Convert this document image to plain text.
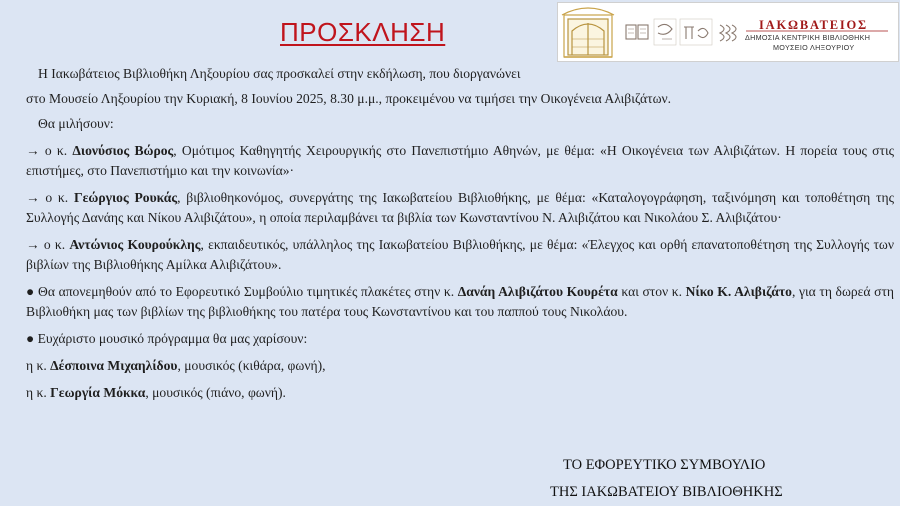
ΠΡΟΣΚΛΗΣΗ	ΙΑΚΩΒΑΤΕΙΟΣ
ΔΗΜΟΣΙΑ ΚΕΝΤΡΙΚΗ ΒΙΒΛΙΟΘΗΚΗ
ΜΟΥΣΕΙΟ ΛΗΞΟΥΡΙΟΥ

Η Ιακωβάτειος Βιβλιοθήκη Ληξουρίου σας προσκαλεί στην εκδήλωση, που διοργανώνει

στο Μουσείο Ληξουρίου την Κυριακή, 8 Ιουνίου 2025, 8.30 μ.μ., προκειμένου να τιμήσει την Οικογένεια Αλιβιζάτων.

Θα μιλήσουν:

→ ο κ. Διονύσιος Βώρος, Ομότιμος Καθηγητής Χειρουργικής στο Πανεπιστήμιο Αθηνών, με θέμα: «Η Οικογένεια των Αλιβιζάτων. Η πορεία τους στις επιστήμες, στο Πανεπιστήμιο και την κοινωνία»·

→ ο κ. Γεώργιος Ρουκάς, βιβλιοθηκονόμος, συνεργάτης της Ιακωβατείου Βιβλιοθήκης, με θέμα: «Καταλογογράφηση, ταξινόμηση και τοποθέτηση της Συλλογής Δανάης και Νίκου Αλιβιζάτου», η οποία περιλαμβάνει τα βιβλία των Κωνσταντίνου Ν. Αλιβιζάτου και Νικολάου Σ. Αλιβιζάτου·

→ ο κ. Αντώνιος Κουρούκλης, εκπαιδευτικός, υπάλληλος της Ιακωβατείου Βιβλιοθήκης, με θέμα: «Έλεγχος και ορθή επανατοποθέτηση της Συλλογής των βιβλίων της Βιβλιοθήκης Αμίλκα Αλιβιζάτου».

● Θα απονεμηθούν από το Εφορευτικό Συμβούλιο τιμητικές πλακέτες στην κ. Δανάη Αλιβιζάτου Κουρέτα και στον κ. Νίκο Κ. Αλιβιζάτο, για τη δωρεά στη Βιβλιοθήκη μας των βιβλίων της βιβλιοθήκης του πατέρα τους Κωνσταντίνου και του παππού τους Νικολάου.

● Ευχάριστο μουσικό πρόγραμμα θα μας χαρίσουν:

η κ. Δέσποινα Μιχαηλίδου, μουσικός (κιθάρα, φωνή),

η κ. Γεωργία Μόκκα, μουσικός (πιάνο, φωνή).

ΤΟ ΕΦΟΡΕΥΤΙΚΟ ΣΥΜΒΟΥΛΙΟ
ΤΗΣ ΙΑΚΩΒΑΤΕΙΟΥ ΒΙΒΛΙΟΘΗΚΗΣ
